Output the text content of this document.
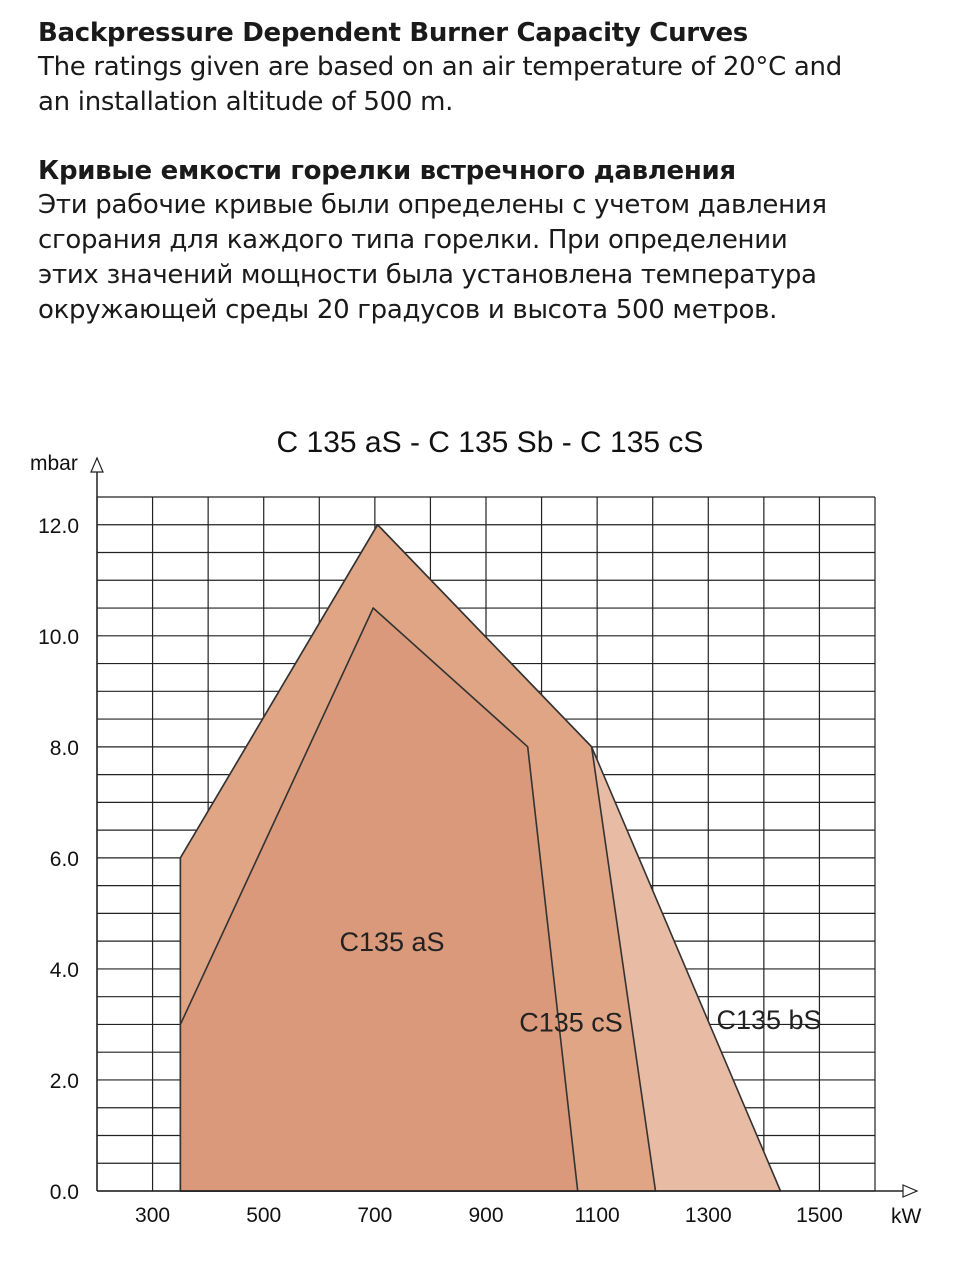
Backpressure Dependent Burner Capacity Curves

The ratings given are based on an air temperature of 20°C and

an installation altitude of 500 m.

Кривые емкости горелки встречного давления

Эти рабочие кривые были определены с учетом давления

сгорания для каждого типа горелки. При определении

этих значений мощности была установлена температура

окружающей среды 20 градусов и высота 500 метров.

C 135 aS - C 135 Sb - C 135 cS
300	500	700	900	1100	1300	1500
0.0
2.0
4.0
6.0
8.0
10.0
12.0
mbar
kW
C135 bS
C135 cS
C135 aS
